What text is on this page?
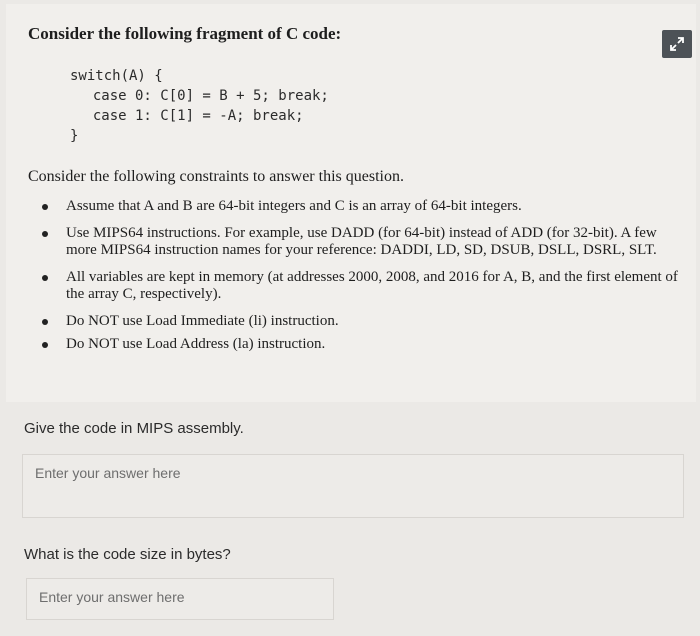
Consider the following fragment of C code:
switch(A) {
case 0: C[0] = B + 5; break;
case 1: C[1] = -A; break;
}
Consider the following constraints to answer this question.
Assume that A and B are 64-bit integers and C is an array of 64-bit integers.
Use MIPS64 instructions. For example, use DADD (for 64-bit) instead of ADD (for 32-bit). A few more MIPS64 instruction names for your reference: DADDI, LD, SD, DSUB, DSLL, DSRL, SLT.
All variables are kept in memory (at addresses 2000, 2008, and 2016 for A, B, and the first element of the array C, respectively).
Do NOT use Load Immediate (li) instruction.
Do NOT use Load Address (la) instruction.
Give the code in MIPS assembly.
Enter your answer here
What is the code size in bytes?
Enter your answer here
